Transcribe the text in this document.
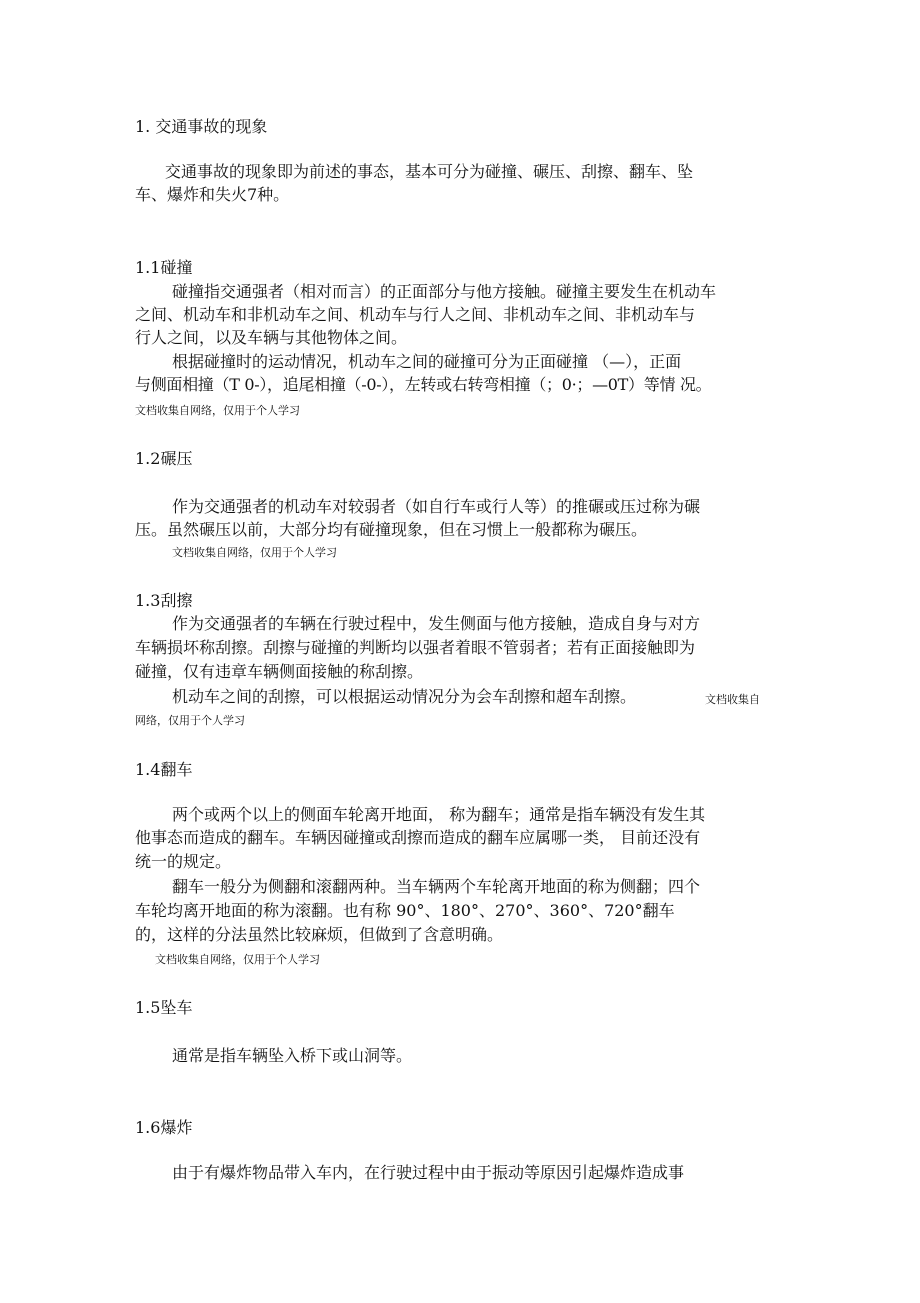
1. 交通事故的现象
交通事故的现象即为前述的事态，基本可分为碰撞、碾压、刮擦、翻车、坠
车、爆炸和失火7种。
1.1碰撞
碰撞指交通强者（相对而言）的正面部分与他方接触。碰撞主要发生在机动车
之间、机动车和非机动车之间、机动车与行人之间、非机动车之间、非机动车与
行人之间，以及车辆与其他物体之间。
根据碰撞时的运动情况，机动车之间的碰撞可分为正面碰撞 （—），正面
与侧面相撞（T 0-），追尾相撞（-0-），左转或右转弯相撞（；0·；—0T）等情 况。
文档收集自网络，仅用于个人学习
1.2碾压
作为交通强者的机动车对较弱者（如自行车或行人等）的推碾或压过称为碾
压。虽然碾压以前，大部分均有碰撞现象，但在习惯上一般都称为碾压。
文档收集自网络，仅用于个人学习
1.3刮擦
作为交通强者的车辆在行驶过程中，发生侧面与他方接触，造成自身与对方
车辆损坏称刮擦。刮擦与碰撞的判断均以强者着眼不管弱者；若有正面接触即为
碰撞，仅有违章车辆侧面接触的称刮擦。
机动车之间的刮擦，可以根据运动情况分为会车刮擦和超车刮擦。	文档收集自
网络，仅用于个人学习
1.4翻车
两个或两个以上的侧面车轮离开地面， 称为翻车；通常是指车辆没有发生其
他事态而造成的翻车。车辆因碰撞或刮擦而造成的翻车应属哪一类， 目前还没有
统一的规定。
翻车一般分为侧翻和滚翻两种。当车辆两个车轮离开地面的称为侧翻；四个
车轮均离开地面的称为滚翻。也有称 90°、180°、270°、360°、720°翻车
的，这样的分法虽然比较麻烦，但做到了含意明确。
文档收集自网络，仅用于个人学习
1.5坠车
通常是指车辆坠入桥下或山洞等。
1.6爆炸
由于有爆炸物品带入车内，在行驶过程中由于振动等原因引起爆炸造成事
